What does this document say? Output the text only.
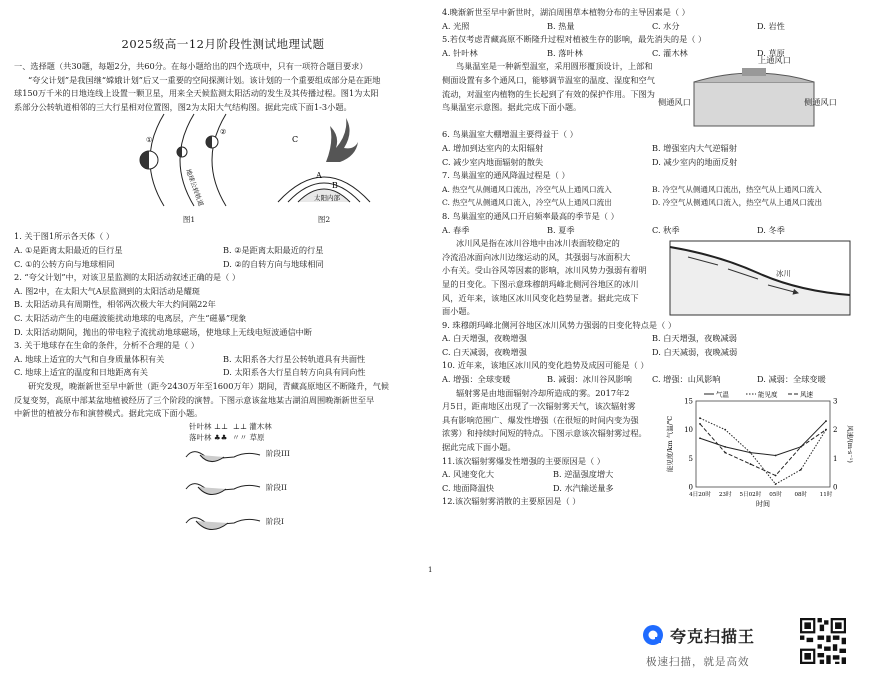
2025级高一12月阶段性测试地理试题
一、选择题（共30题，每题2分，共60分。在每小题给出的四个选项中，只有一项符合题目要求）
“夸父计划”是我国继“嫦娥计划”后又一重要的空间探测计划。该计划的一个重要组成部分是在距地
球150万千米的日地连线上设置一颗卫星，用来全天候监测太阳活动的发生及其传播过程。图1为太阳
系部分公转轨道相邻的三大行星相对位置图，图2为太阳大气结构图。据此完成下面1-3小题。
①
②
地球公转轨道
图1
C
A
B
太阳内部
图2
1. 关于图1所示各天体（ ）
A. ①是距离太阳最近的巨行星	B. ②是距离太阳最近的行星
C. ①的公转方向与地球相同	D. ②的自转方向与地球相同
2. “夸父计划”中，对该卫星监测的太阳活动叙述正确的是（ ）
A. 图2中，在太阳大气A层监测到的太阳活动是耀斑
B. 太阳活动具有周期性，相邻两次极大年大约间隔22年
C. 太阳活动产生的电磁波能扰动地球的电离层，产生“磁暴”现象
D. 太阳活动期间，抛出的带电粒子流扰动地球磁场，使地球上无线电短波通信中断
3. 关于地球存在生命的条件，分析不合理的是（ ）
A. 地球上适宜的大气和自身质量体积有关	B. 太阳系各大行星公转轨道具有共面性
C. 地球上适宜的温度和日地距离有关	D. 太阳系各大行星自转方向具有同向性
研究发现，晚渐新世至早中新世（距今2430万年至1600万年）期间，青藏高原地区不断隆升，气候
反复变努，高原中部某盆地植被经历了三个阶段的演替。下图示意该盆地某古湖泊周围晚渐新世至早
中新世的植被分布和演替模式。据此完成下面小题。
针叶林 ⊥⊥  ⊥⊥ 灌木林
落叶林 ♣♣  〃〃 草原
阶段III
阶段II
阶段I
1
4.晚渐新世至早中新世时，湖泊周围草本植物分布的主导因素是（ ）
A. 光照	B. 热量	C. 水分	D. 岩性
5.若仅考虑青藏高原不断隆升过程对植被生存的影响，最先消失的是（ ）
A. 针叶林	B. 落叶林	C. 灌木林	D. 草原
鸟巢温室是一种新型温室，采用圆形覆顶设计，上部和
侧面设置有多个通风口，能够调节温室的温度、湿度和空气
流动，对温室内植物的生长起到了有效的保护作用。下图为
鸟巢温室示意图。据此完成下面小题。
上通风口
侧通风口	侧通风口
6. 鸟巢温室大棚增温主要得益于（ ）
A. 增加到达室内的太阳辐射	B. 增强室内大气逆辐射
C. 减少室内地面辐射的散失	D. 减少室内的地面反射
7. 鸟巢温室的通风降温过程是（ ）
A. 热空气从侧通风口流出，冷空气从上通风口流入	B. 冷空气从侧通风口流出，热空气从上通风口流入
C. 热空气从侧通风口流入，冷空气从上通风口流出	D. 冷空气从侧通风口流入，热空气从上通风口流出
8. 鸟巢温室的通风口开启频率最高的季节是（ ）
A. 春季	B. 夏季	C. 秋季	D. 冬季
冰川风是指在冰川谷地中由冰川表面较稳定的
冷流沿冰面向冰川边缘运动的风，其强弱与冰面积大
小有关。受山谷风等因素的影响，冰川风势力强弱有着明
显的日变化。下图示意珠穆朗玛峰北侧河谷地区的冰川
风，近年来，该地区冰川风变化趋势显著。据此完成下
面小题。
冰川
9. 珠穆朗玛峰北侧河谷地区冰川风势力强弱的日变化特点是（ ）
A. 白天增强，夜晚增强	B. 白天增强，夜晚减弱
C. 白天减弱，夜晚增强	D. 白天减弱，夜晚减弱
10. 近年来，该地区冰川风的变化趋势及成因可能是（ ）
A. 增强：全球变暖	B. 减弱：冰川谷风影响	C. 增强：山风影响	D. 减弱：全球变暖
辐射雾是由地面辐射冷却所造成的雾。2017年2
月5日，距南地区出现了一次辐射雾天气，该次辐射雾
具有影响范围广、爆发性增强（在很短的时间内变为强
浓雾）和持续时间短的特点。下图示意该次辐射雾过程。
据此完成下面小题。
11.该次辐射雾爆发性增强的主要原因是（ ）
A. 风速变化大	B. 逆温强度增大
C. 地面降温快	D. 水汽输送量多
12.该次辐射雾消散的主要原因是（ ）
0
5
10
15
0
1
2
3
4日20时 23时 5日02时 05时 08时 11时
时间
能见度/km 气温/℃	风速/(m·s⁻¹)
气温	能见度	风速
夸克扫描王
极速扫描，就是高效
